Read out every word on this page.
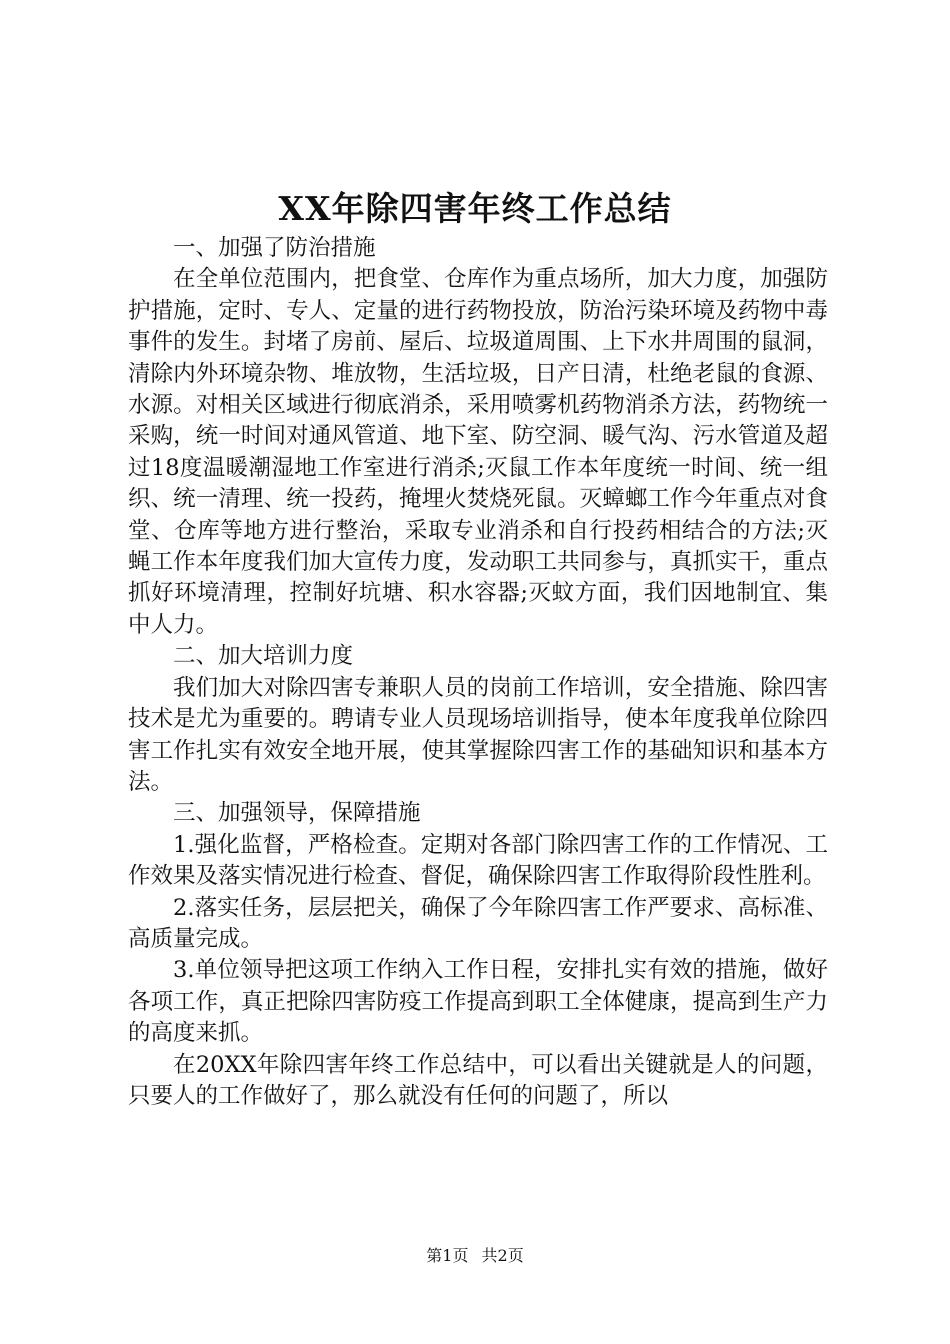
XX年除四害年终工作总结

一、加强了防治措施

在全单位范围内，把食堂、仓库作为重点场所，加大力度，加强防护措施，定时、专人、定量的进行药物投放，防治污染环境及药物中毒事件的发生。封堵了房前、屋后、垃圾道周围、上下水井周围的鼠洞，清除内外环境杂物、堆放物，生活垃圾，日产日清，杜绝老鼠的食源、水源。对相关区域进行彻底消杀，采用喷雾机药物消杀方法，药物统一采购，统一时间对通风管道、地下室、防空洞、暖气沟、污水管道及超过18度温暖潮湿地工作室进行消杀;灭鼠工作本年度统一时间、统一组织、统一清理、统一投药，掩埋火焚烧死鼠。灭蟑螂工作今年重点对食堂、仓库等地方进行整治，采取专业消杀和自行投药相结合的方法;灭蝇工作本年度我们加大宣传力度，发动职工共同参与，真抓实干，重点抓好环境清理，控制好坑塘、积水容器;灭蚊方面，我们因地制宜、集中人力。

二、加大培训力度

我们加大对除四害专兼职人员的岗前工作培训，安全措施、除四害技术是尤为重要的。聘请专业人员现场培训指导，使本年度我单位除四害工作扎实有效安全地开展，使其掌握除四害工作的基础知识和基本方法。

三、加强领导，保障措施

1.强化监督，严格检查。定期对各部门除四害工作的工作情况、工作效果及落实情况进行检查、督促，确保除四害工作取得阶段性胜利。

2.落实任务，层层把关，确保了今年除四害工作严要求、高标准、高质量完成。

3.单位领导把这项工作纳入工作日程，安排扎实有效的措施，做好各项工作，真正把除四害防疫工作提高到职工全体健康，提高到生产力的高度来抓。

在20XX年除四害年终工作总结中，可以看出关键就是人的问题，只要人的工作做好了，那么就没有任何的问题了，所以

第1页 共2页
